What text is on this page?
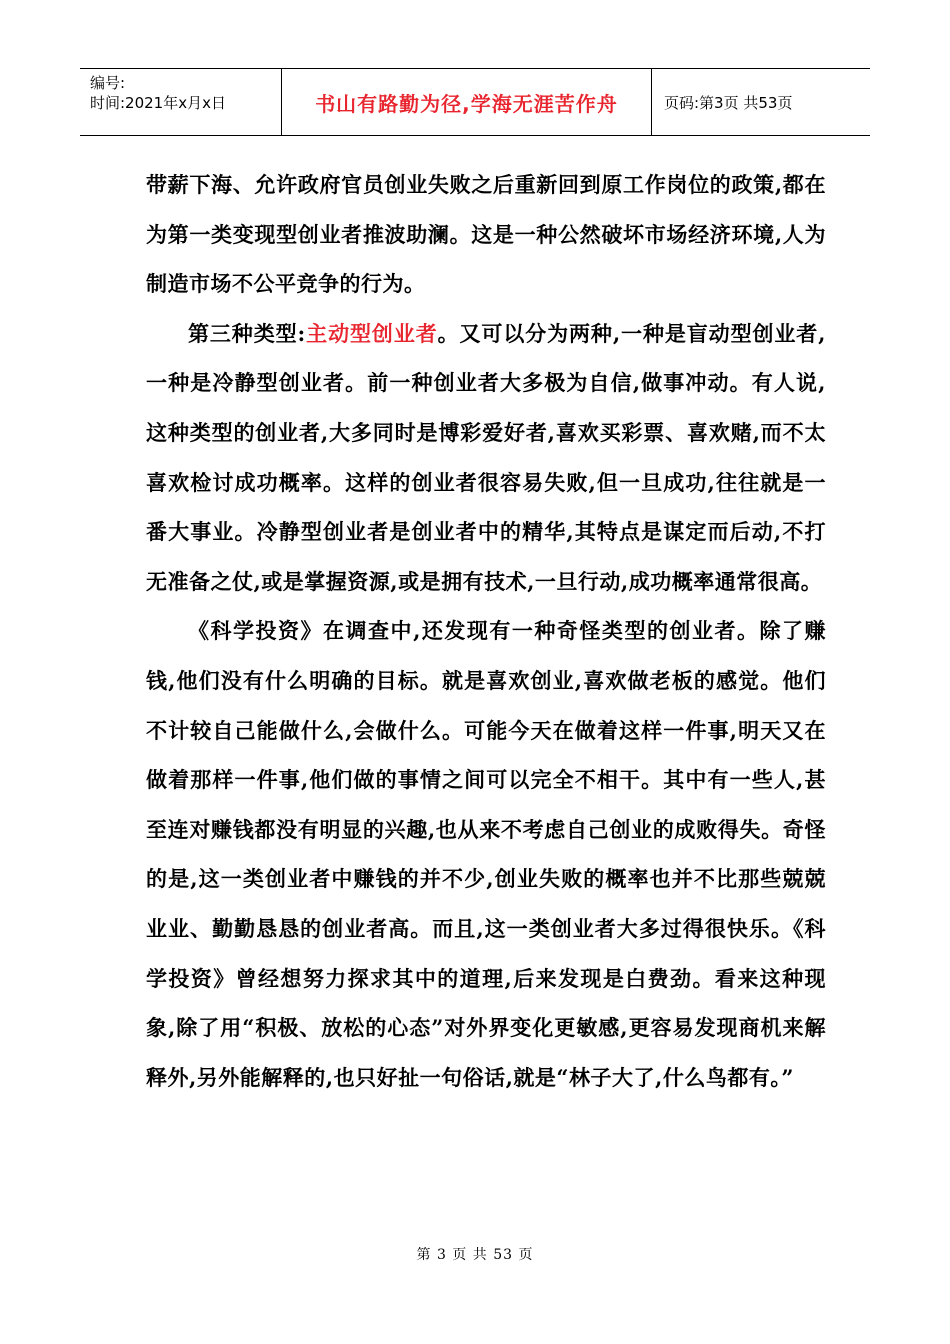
编号:
时间:2021年x月x日	书山有路勤为径,学海无涯苦作舟	页码:第3页 共53页

带薪下海、允许政府官员创业失败之后重新回到原工作岗位的政策,都在为第一类变现型创业者推波助澜。这是一种公然破坏市场经济环境,人为制造市场不公平竞争的行为。

第三种类型:主动型创业者。又可以分为两种,一种是盲动型创业者,一种是冷静型创业者。前一种创业者大多极为自信,做事冲动。有人说,这种类型的创业者,大多同时是博彩爱好者,喜欢买彩票、喜欢赌,而不太喜欢检讨成功概率。这样的创业者很容易失败,但一旦成功,往往就是一番大事业。冷静型创业者是创业者中的精华,其特点是谋定而后动,不打无准备之仗,或是掌握资源,或是拥有技术,一旦行动,成功概率通常很高。

《科学投资》在调查中,还发现有一种奇怪类型的创业者。除了赚钱,他们没有什么明确的目标。就是喜欢创业,喜欢做老板的感觉。他们不计较自己能做什么,会做什么。可能今天在做着这样一件事,明天又在做着那样一件事,他们做的事情之间可以完全不相干。其中有一些人,甚至连对赚钱都没有明显的兴趣,也从来不考虑自己创业的成败得失。奇怪的是,这一类创业者中赚钱的并不少,创业失败的概率也并不比那些兢兢业业、勤勤恳恳的创业者高。而且,这一类创业者大多过得很快乐。《科学投资》曾经想努力探求其中的道理,后来发现是白费劲。看来这种现象,除了用“积极、放松的心态”对外界变化更敏感,更容易发现商机来解释外,另外能解释的,也只好扯一句俗话,就是“林子大了,什么鸟都有。”

第 3 页 共 53 页
